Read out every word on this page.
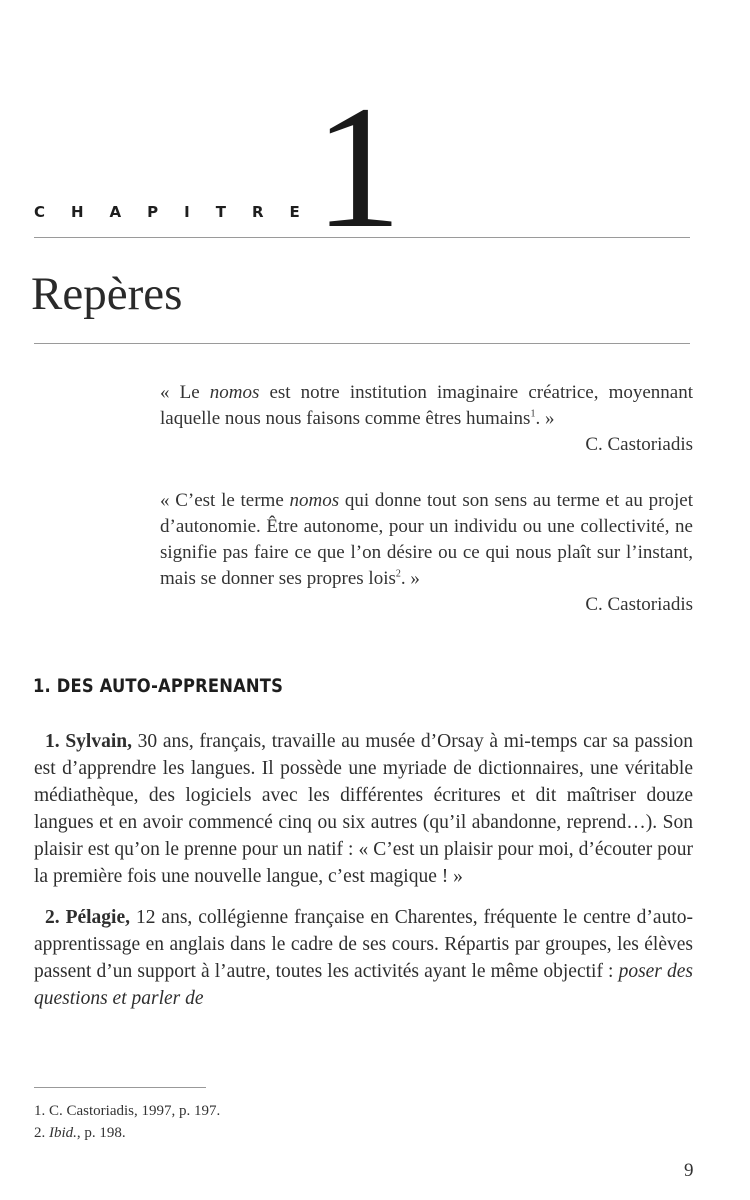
CHAPITRE
1
Repères

« Le nomos est notre institution imaginaire créatrice, moyennant laquelle nous nous faisons comme êtres humains$^1$. »

C. Castoriadis

« C’est le terme nomos qui donne tout son sens au terme et au projet d’autonomie. Être autonome, pour un individu ou une collectivité, ne signifie pas faire ce que l’on désire ou ce qui nous plaît sur l’instant, mais se donner ses propres lois$^2$. »

C. Castoriadis

1. DES AUTO-APPRENANTS

1. Sylvain, 30 ans, français, travaille au musée d’Orsay à mi-temps car sa passion est d’apprendre les langues. Il possède une myriade de dictionnaires, une véritable médiathèque, des logiciels avec les différentes écritures et dit maîtriser douze langues et en avoir commencé cinq ou six autres (qu’il abandonne, reprend…). Son plaisir est qu’on le prenne pour un natif : « C’est un plaisir pour moi, d’écouter pour la première fois une nouvelle langue, c’est magique ! »

2. Pélagie, 12 ans, collégienne française en Charentes, fréquente le centre d’auto-apprentissage en anglais dans le cadre de ses cours. Répartis par groupes, les élèves passent d’un support à l’autre, toutes les activités ayant le même objectif : poser des questions et parler de

1. C. Castoriadis, 1997, p. 197.
2. Ibid., p. 198.
9
